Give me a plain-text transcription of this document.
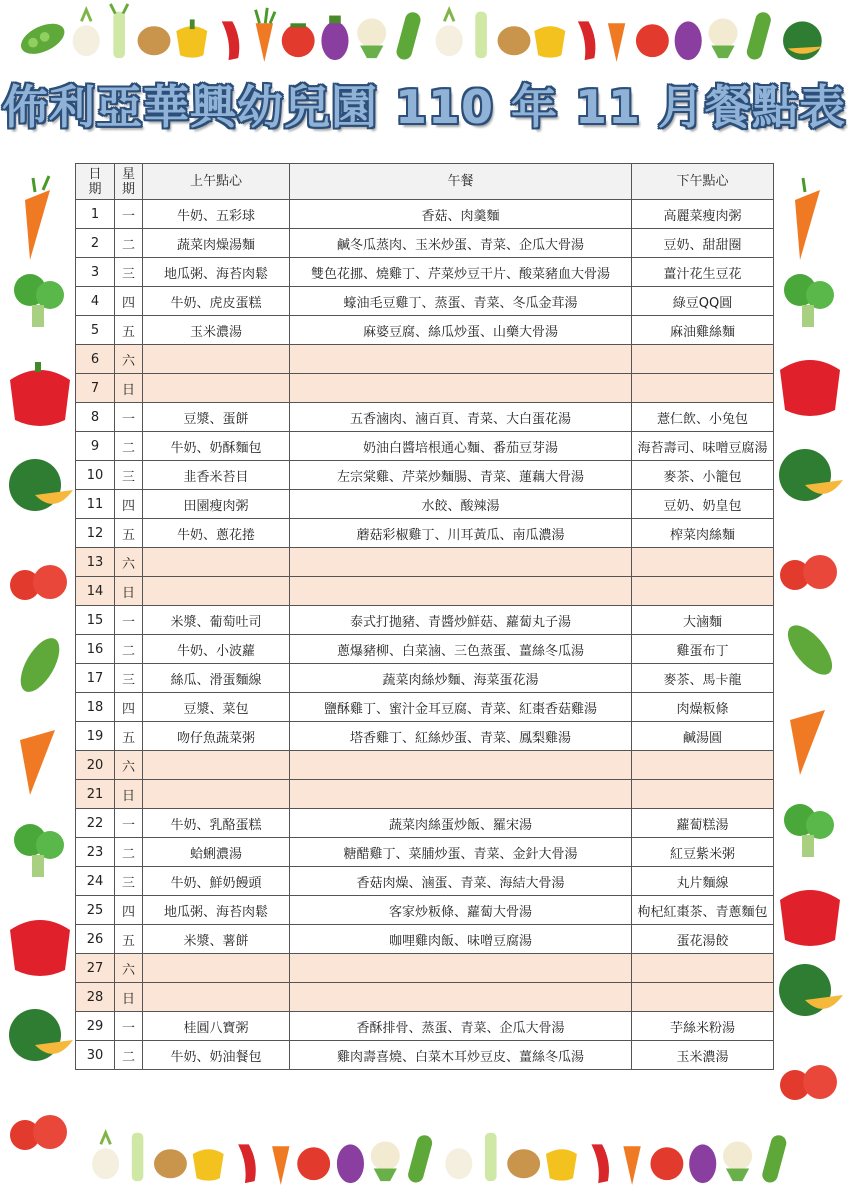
佈利亞華興幼兒園 110 年 11 月餐點表
日期	星期	上午點心	午餐	下午點心
1	一	牛奶、五彩球	香菇、肉羹麵	高麗菜瘦肉粥
2	二	蔬菜肉燥湯麵	鹹冬瓜蒸肉、玉米炒蛋、青菜、企瓜大骨湯	豆奶、甜甜圈
3	三	地瓜粥、海苔肉鬆	雙色花挪、燒雞丁、芹菜炒豆干片、酸菜豬血大骨湯	薑汁花生豆花
4	四	牛奶、虎皮蛋糕	蠔油毛豆雞丁、蒸蛋、青菜、冬瓜金茸湯	綠豆QQ圓
5	五	玉米濃湯	麻婆豆腐、絲瓜炒蛋、山藥大骨湯	麻油雞絲麵
6	六			
7	日			
8	一	豆漿、蛋餅	五香滷肉、滷百頁、青菜、大白蛋花湯	薏仁飲、小兔包
9	二	牛奶、奶酥麵包	奶油白醬培根通心麵、番茄豆芽湯	海苔壽司、味噌豆腐湯
10	三	韭香米苔目	左宗棠雞、芹菜炒麵腸、青菜、蓮藕大骨湯	麥茶、小籠包
11	四	田園瘦肉粥	水餃、酸辣湯	豆奶、奶皇包
12	五	牛奶、蔥花捲	蘑菇彩椒雞丁、川耳黃瓜、南瓜濃湯	榨菜肉絲麵
13	六			
14	日			
15	一	米漿、葡萄吐司	泰式打拋豬、青醬炒鮮菇、蘿蔔丸子湯	大滷麵
16	二	牛奶、小波蘿	蔥爆豬柳、白菜滷、三色蒸蛋、薑絲冬瓜湯	雞蛋布丁
17	三	絲瓜、滑蛋麵線	蔬菜肉絲炒麵、海菜蛋花湯	麥茶、馬卡龍
18	四	豆漿、菜包	鹽酥雞丁、蜜汁金耳豆腐、青菜、紅棗香菇雞湯	肉燥粄條
19	五	吻仔魚蔬菜粥	塔香雞丁、紅絲炒蛋、青菜、鳳梨雞湯	鹹湯圓
20	六			
21	日			
22	一	牛奶、乳酪蛋糕	蔬菜肉絲蛋炒飯、羅宋湯	蘿蔔糕湯
23	二	蛤蜊濃湯	糖醋雞丁、菜脯炒蛋、青菜、金針大骨湯	紅豆紫米粥
24	三	牛奶、鮮奶饅頭	香菇肉燥、滷蛋、青菜、海結大骨湯	丸片麵線
25	四	地瓜粥、海苔肉鬆	客家炒粄條、蘿蔔大骨湯	枸杞紅棗茶、青蔥麵包
26	五	米漿、薯餅	咖哩雞肉飯、味噌豆腐湯	蛋花湯餃
27	六			
28	日			
29	一	桂圓八寶粥	香酥排骨、蒸蛋、青菜、企瓜大骨湯	芋絲米粉湯
30	二	牛奶、奶油餐包	雞肉壽喜燒、白菜木耳炒豆皮、薑絲冬瓜湯	玉米濃湯
